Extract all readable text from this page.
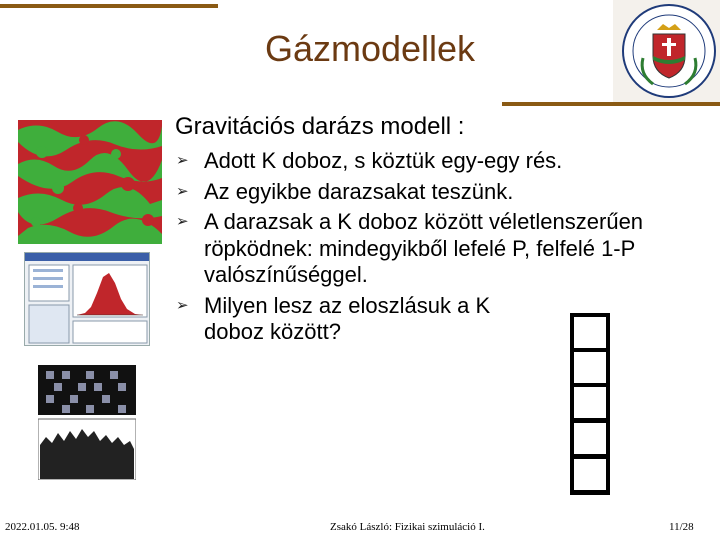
Gázmodellek
Gravitációs darázs modell :
➢ Adott K doboz, s köztük egy-egy rés.
➢ Az egyikbe darazsakat teszünk.
➢ A darazsak a K doboz között véletlenszerűen röpködnek: mindegyikből lefelé P, felfelé 1-P valószínűséggel.
➢ Milyen lesz az eloszlásuk a K doboz között?
2022.01.05. 9:48	Zsakó László: Fizikai szimuláció I.	11/28
